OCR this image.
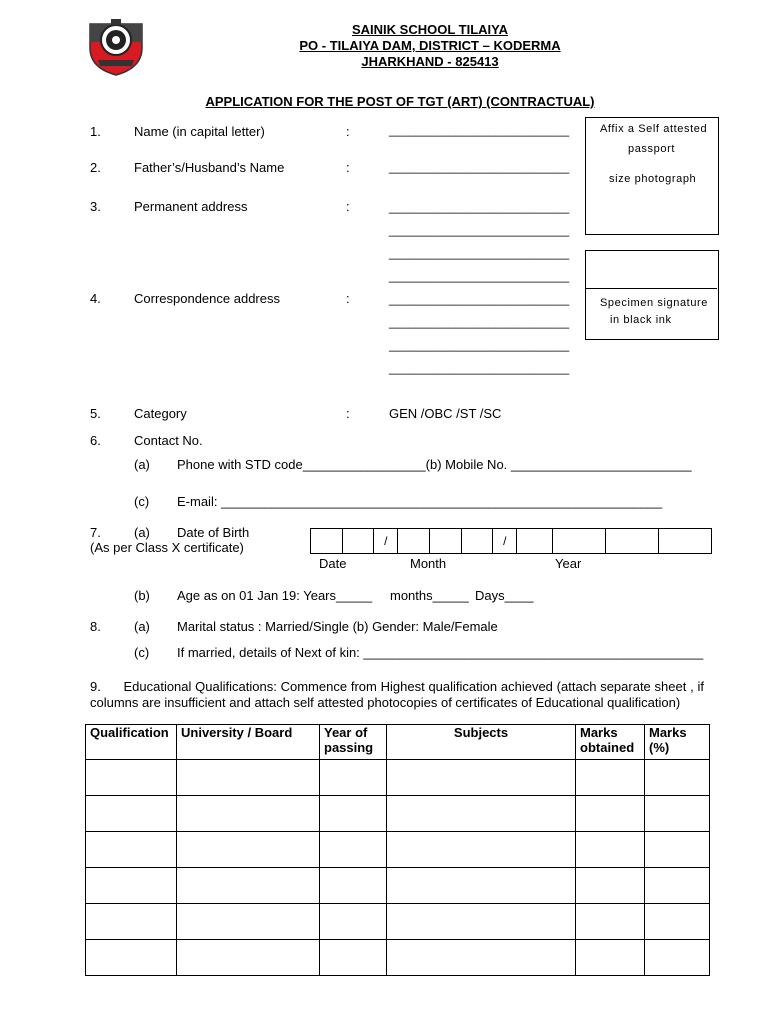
SAINIK SCHOOL TILAIYA
PO - TILAIYA DAM, DISTRICT – KODERMA
JHARKHAND - 825413
APPLICATION FOR THE POST OF TGT (ART) (CONTRACTUAL)
Affix a Self attested
passport
size photograph
Specimen signature
in black ink
1.	Name (in capital letter)	:	___________________________
2.	Father’s/Husband’s Name	:	___________________________
3.	Permanent address	:	___________________________
___________________________
___________________________
___________________________
4.	Correspondence address	:	___________________________
___________________________
___________________________
___________________________
5.	Category	:	GEN /OBC /ST /SC
6.	Contact No.
(a) Phone with STD code_________________(b) Mobile No. _________________________
(c) E-mail: _____________________________________________________________
7.	(a) Date of Birth
(As per Class X certificate)	/	/
Date	Month	Year
(b) Age as on 01 Jan 19: Years_____ months_____ Days____
8.	(a) Marital status : Married/Single (b) Gender: Male/Female
(c) If married, details of Next of kin: _______________________________________________
9. Educational Qualifications: Commence from Highest qualification achieved (attach separate sheet , if columns are insufficient and attach self attested photocopies of certificates of Educational qualification)
Qualification	University / Board	Year of passing	Subjects	Marks obtained	Marks (%)
